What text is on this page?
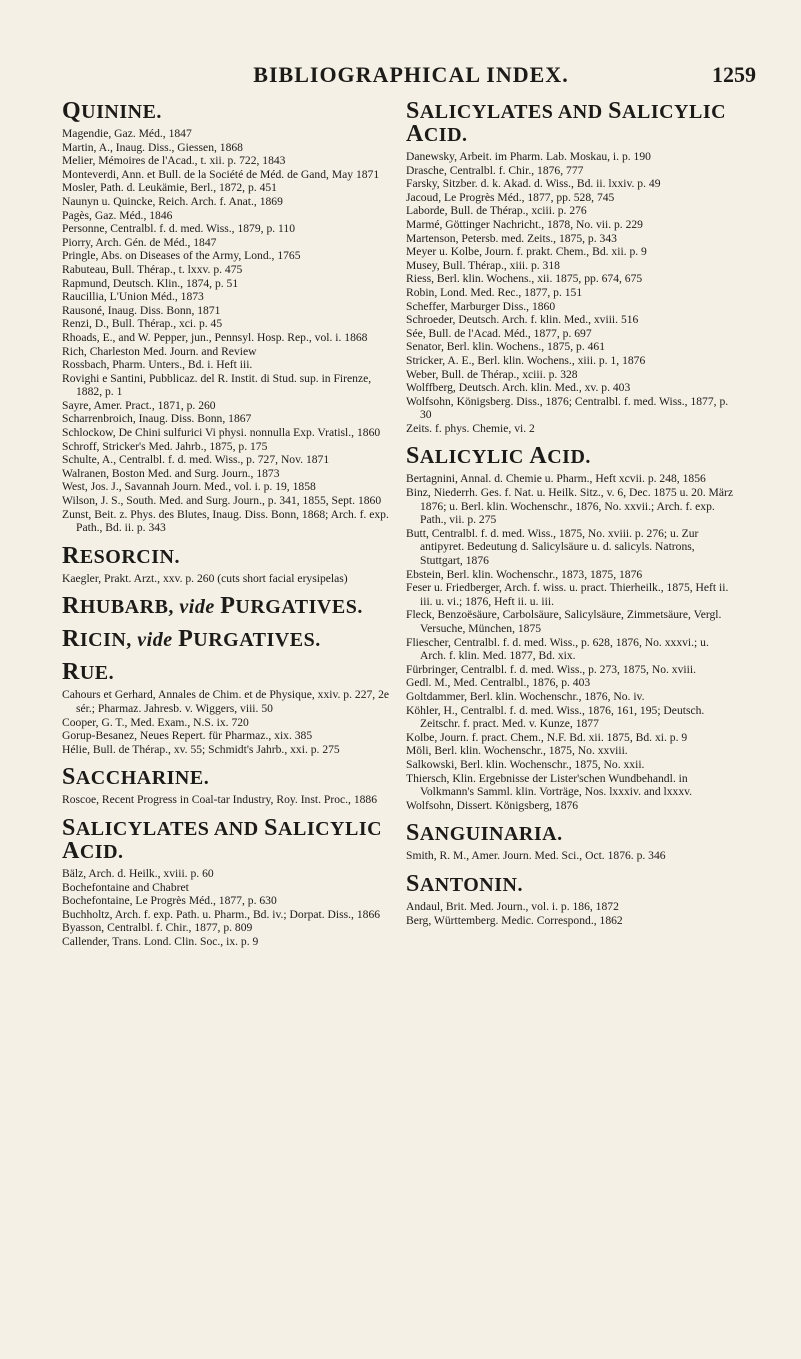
BIBLIOGRAPHICAL INDEX.	1259
QUININE.

Magendie, Gaz. Méd., 1847

Martin, A., Inaug. Diss., Giessen, 1868

Melier, Mémoires de l'Acad., t. xii. p. 722, 1843

Monteverdi, Ann. et Bull. de la Société de Méd. de Gand, May 1871

Mosler, Path. d. Leukämie, Berl., 1872, p. 451

Naunyn u. Quincke, Reich. Arch. f. Anat., 1869

Pagès, Gaz. Méd., 1846

Personne, Centralbl. f. d. med. Wiss., 1879, p. 110

Piorry, Arch. Gén. de Méd., 1847

Pringle, Abs. on Diseases of the Army, Lond., 1765

Rabuteau, Bull. Thérap., t. lxxv. p. 475

Rapmund, Deutsch. Klin., 1874, p. 51

Raucillia, L'Union Méd., 1873

Rausoné, Inaug. Diss. Bonn, 1871

Renzi, D., Bull. Thérap., xci. p. 45

Rhoads, E., and W. Pepper, jun., Pennsyl. Hosp. Rep., vol. i. 1868

Rich, Charleston Med. Journ. and Review

Rossbach, Pharm. Unters., Bd. i. Heft iii.

Rovighi e Santini, Pubblicaz. del R. Instit. di Stud. sup. in Firenze, 1882, p. 1

Sayre, Amer. Pract., 1871, p. 260

Scharrenbroich, Inaug. Diss. Bonn, 1867

Schlockow, De Chini sulfurici Vi physi. nonnulla Exp. Vratisl., 1860

Schroff, Stricker's Med. Jahrb., 1875, p. 175

Schulte, A., Centralbl. f. d. med. Wiss., p. 727, Nov. 1871

Walranen, Boston Med. and Surg. Journ., 1873

West, Jos. J., Savannah Journ. Med., vol. i. p. 19, 1858

Wilson, J. S., South. Med. and Surg. Journ., p. 341, 1855, Sept. 1860

Zunst, Beit. z. Phys. des Blutes, Inaug. Diss. Bonn, 1868; Arch. f. exp. Path., Bd. ii. p. 343

RESORCIN.

Kaegler, Prakt. Arzt., xxv. p. 260 (cuts short facial erysipelas)

RHUBARB, vide PURGATIVES.
RICIN, vide PURGATIVES.
RUE.

Cahours et Gerhard, Annales de Chim. et de Physique, xxiv. p. 227, 2e sér.; Pharmaz. Jahresb. v. Wiggers, viii. 50

Cooper, G. T., Med. Exam., N.S. ix. 720

Gorup-Besanez, Neues Repert. für Pharmaz., xix. 385

Hélie, Bull. de Thérap., xv. 55; Schmidt's Jahrb., xxi. p. 275

SACCHARINE.

Roscoe, Recent Progress in Coal-tar Industry, Roy. Inst. Proc., 1886

SALICYLATES AND SALICYLIC ACID.

Bälz, Arch. d. Heilk., xviii. p. 60

Bochefontaine and Chabret

Bochefontaine, Le Progrès Méd., 1877, p. 630

Buchholtz, Arch. f. exp. Path. u. Pharm., Bd. iv.; Dorpat. Diss., 1866

Byasson, Centralbl. f. Chir., 1877, p. 809

Callender, Trans. Lond. Clin. Soc., ix. p. 9

SALICYLATES AND SALICYLIC ACID.

Danewsky, Arbeit. im Pharm. Lab. Moskau, i. p. 190

Drasche, Centralbl. f. Chir., 1876, 777

Farsky, Sitzber. d. k. Akad. d. Wiss., Bd. ii. lxxiv. p. 49

Jacoud, Le Progrès Méd., 1877, pp. 528, 745

Laborde, Bull. de Thérap., xciii. p. 276

Marmé, Göttinger Nachricht., 1878, No. vii. p. 229

Martenson, Petersb. med. Zeits., 1875, p. 343

Meyer u. Kolbe, Journ. f. prakt. Chem., Bd. xii. p. 9

Musey, Bull. Thérap., xiii. p. 318

Riess, Berl. klin. Wochens., xii. 1875, pp. 674, 675

Robin, Lond. Med. Rec., 1877, p. 151

Scheffer, Marburger Diss., 1860

Schroeder, Deutsch. Arch. f. klin. Med., xviii. 516

Sée, Bull. de l'Acad. Méd., 1877, p. 697

Senator, Berl. klin. Wochens., 1875, p. 461

Stricker, A. E., Berl. klin. Wochens., xiii. p. 1, 1876

Weber, Bull. de Thérap., xciii. p. 328

Wolffberg, Deutsch. Arch. klin. Med., xv. p. 403

Wolfsohn, Königsberg. Diss., 1876; Centralbl. f. med. Wiss., 1877, p. 30

Zeits. f. phys. Chemie, vi. 2

SALICYLIC ACID.

Bertagnini, Annal. d. Chemie u. Pharm., Heft xcvii. p. 248, 1856

Binz, Niederrh. Ges. f. Nat. u. Heilk. Sitz., v. 6, Dec. 1875 u. 20. März 1876; u. Berl. klin. Wochenschr., 1876, No. xxvii.; Arch. f. exp. Path., vii. p. 275

Butt, Centralbl. f. d. med. Wiss., 1875, No. xviii. p. 276; u. Zur antipyret. Bedeutung d. Salicylsäure u. d. salicyls. Natrons, Stuttgart, 1876

Ebstein, Berl. klin. Wochenschr., 1873, 1875, 1876

Feser u. Friedberger, Arch. f. wiss. u. pract. Thierheilk., 1875, Heft ii. iii. u. vi.; 1876, Heft ii. u. iii.

Fleck, Benzoësäure, Carbolsäure, Salicylsäure, Zimmetsäure, Vergl. Versuche, München, 1875

Fliescher, Centralbl. f. d. med. Wiss., p. 628, 1876, No. xxxvi.; u. Arch. f. klin. Med. 1877, Bd. xix.

Fürbringer, Centralbl. f. d. med. Wiss., p. 273, 1875, No. xviii.

Gedl. M., Med. Centralbl., 1876, p. 403

Goltdammer, Berl. klin. Wochenschr., 1876, No. iv.

Köhler, H., Centralbl. f. d. med. Wiss., 1876, 161, 195; Deutsch. Zeitschr. f. pract. Med. v. Kunze, 1877

Kolbe, Journ. f. pract. Chem., N.F. Bd. xii. 1875, Bd. xi. p. 9

Möli, Berl. klin. Wochenschr., 1875, No. xxviii.

Salkowski, Berl. klin. Wochenschr., 1875, No. xxii.

Thiersch, Klin. Ergebnisse der Lister'schen Wundbehandl. in Volkmann's Samml. klin. Vorträge, Nos. lxxxiv. and lxxxv.

Wolfsohn, Dissert. Königsberg, 1876

SANGUINARIA.

Smith, R. M., Amer. Journ. Med. Sci., Oct. 1876. p. 346

SANTONIN.

Andaul, Brit. Med. Journ., vol. i. p. 186, 1872

Berg, Württemberg. Medic. Correspond., 1862
